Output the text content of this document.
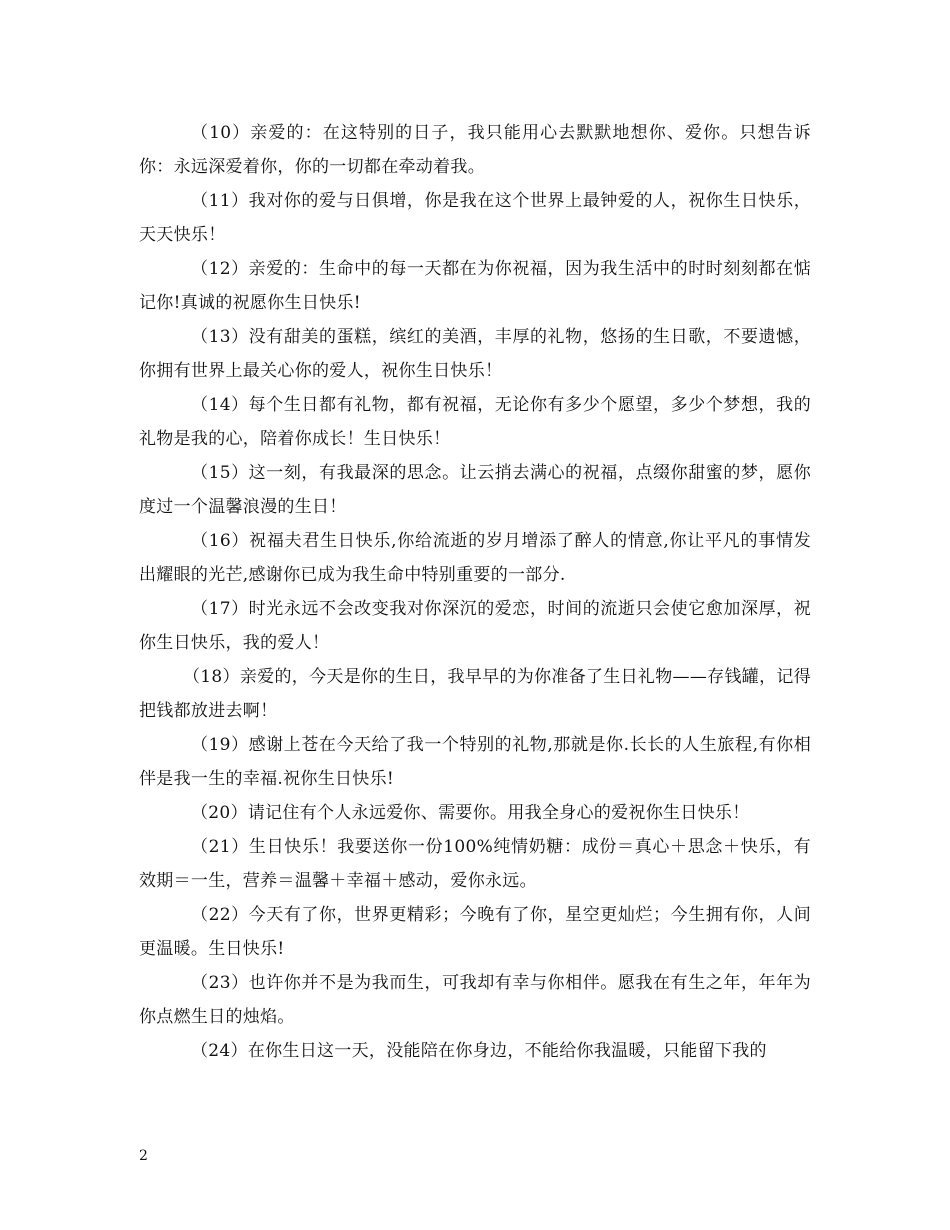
（10）亲爱的：在这特别的日子，我只能用心去默默地想你、爱你。只想告诉你：永远深爱着你，你的一切都在牵动着我。

（11）我对你的爱与日俱增，你是我在这个世界上最钟爱的人，祝你生日快乐，天天快乐！

（12）亲爱的：生命中的每一天都在为你祝福，因为我生活中的时时刻刻都在惦记你!真诚的祝愿你生日快乐!

（13）没有甜美的蛋糕，缤红的美酒，丰厚的礼物，悠扬的生日歌，不要遗憾，你拥有世界上最关心你的爱人，祝你生日快乐！

（14）每个生日都有礼物，都有祝福，无论你有多少个愿望，多少个梦想，我的礼物是我的心，陪着你成长！生日快乐！

（15）这一刻，有我最深的思念。让云捎去满心的祝福，点缀你甜蜜的梦，愿你度过一个温馨浪漫的生日！

（16）祝福夫君生日快乐,你给流逝的岁月增添了醉人的情意,你让平凡的事情发出耀眼的光芒,感谢你已成为我生命中特别重要的一部分.

（17）时光永远不会改变我对你深沉的爱恋，时间的流逝只会使它愈加深厚，祝你生日快乐，我的爱人！

（18）亲爱的，今天是你的生日，我早早的为你准备了生日礼物——存钱罐，记得把钱都放进去啊！

（19）感谢上苍在今天给了我一个特别的礼物,那就是你.长长的人生旅程,有你相伴是我一生的幸福.祝你生日快乐!

（20）请记住有个人永远爱你、需要你。用我全身心的爱祝你生日快乐！

（21）生日快乐！我要送你一份100%纯情奶糖：成份＝真心＋思念＋快乐，有效期＝一生，营养＝温馨＋幸福＋感动，爱你永远。

（22）今天有了你，世界更精彩；今晚有了你，星空更灿烂；今生拥有你，人间更温暖。生日快乐!

（23）也许你并不是为我而生，可我却有幸与你相伴。愿我在有生之年，年年为你点燃生日的烛焰。

（24）在你生日这一天，没能陪在你身边，不能给你我温暖，只能留下我的

2
